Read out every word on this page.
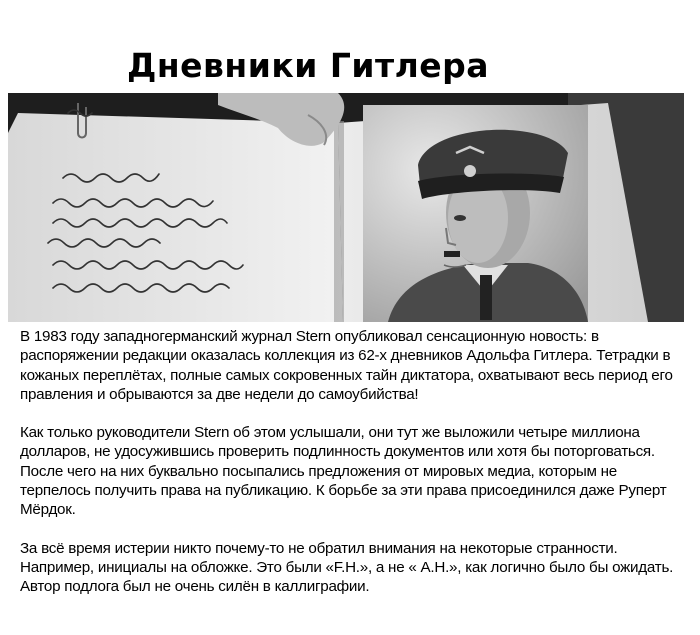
Дневники Гитлера

В 1983 году западногерманский журнал Stern опубликовал сенсационную новость: в распоряжении редакции оказалась коллекция из 62-х дневников Адольфа Гитлера. Тетрадки в кожаных переплётах, полные самых сокровенных тайн диктатора, охватывают весь период его правления и обрываются за две недели до самоубийства!

Как только руководители Stern об этом услышали, они тут же выложили четыре миллиона долларов, не удосужившись проверить подлинность документов или хотя бы поторговаться. После чего на них буквально посыпались предложения от мировых медиа, которым не терпелось получить права на публикацию. К борьбе за эти права присоединился даже Руперт Мёрдок.

За всё время истерии никто почему-то не обратил внимания на некоторые странности. Например, инициалы на обложке. Это были «F.H.», а не « A.H.», как логично было бы ожидать. Автор подлога был не очень силён в каллиграфии.
